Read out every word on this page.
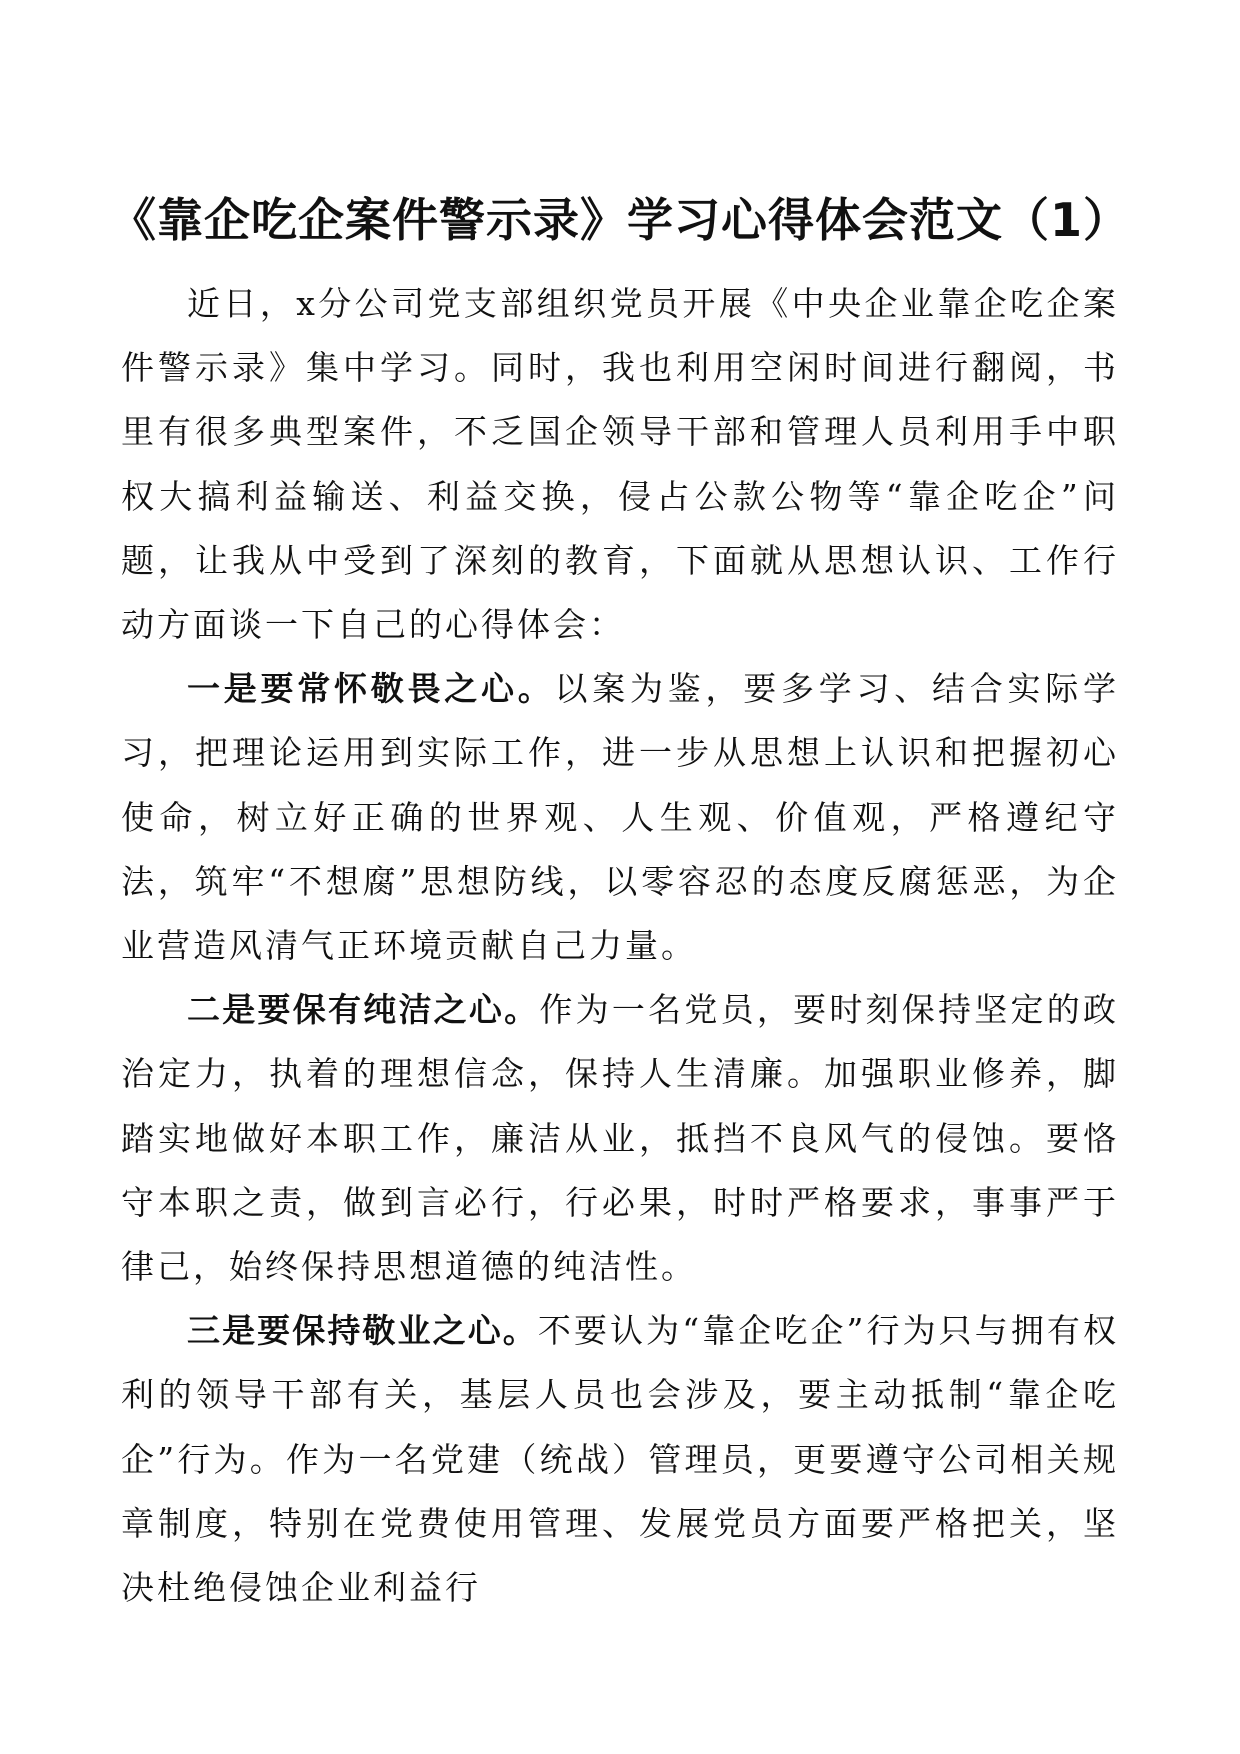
《靠企吃企案件警示录》学习心得体会范文（1）

近日，x分公司党支部组织党员开展《中央企业靠企吃企案件警示录》集中学习。同时，我也利用空闲时间进行翻阅，书里有很多典型案件，不乏国企领导干部和管理人员利用手中职权大搞利益输送、利益交换，侵占公款公物等“靠企吃企”问题，让我从中受到了深刻的教育，下面就从思想认识、工作行动方面谈一下自己的心得体会：

一是要常怀敬畏之心。以案为鉴，要多学习、结合实际学习，把理论运用到实际工作，进一步从思想上认识和把握初心使命，树立好正确的世界观、人生观、价值观，严格遵纪守法，筑牢“不想腐”思想防线，以零容忍的态度反腐惩恶，为企业营造风清气正环境贡献自己力量。

二是要保有纯洁之心。作为一名党员，要时刻保持坚定的政治定力，执着的理想信念，保持人生清廉。加强职业修养，脚踏实地做好本职工作，廉洁从业，抵挡不良风气的侵蚀。要恪守本职之责，做到言必行，行必果，时时严格要求，事事严于律己，始终保持思想道德的纯洁性。

三是要保持敬业之心。不要认为“靠企吃企”行为只与拥有权利的领导干部有关，基层人员也会涉及，要主动抵制“靠企吃企”行为。作为一名党建（统战）管理员，更要遵守公司相关规章制度，特别在党费使用管理、发展党员方面要严格把关，坚决杜绝侵蚀企业利益行
